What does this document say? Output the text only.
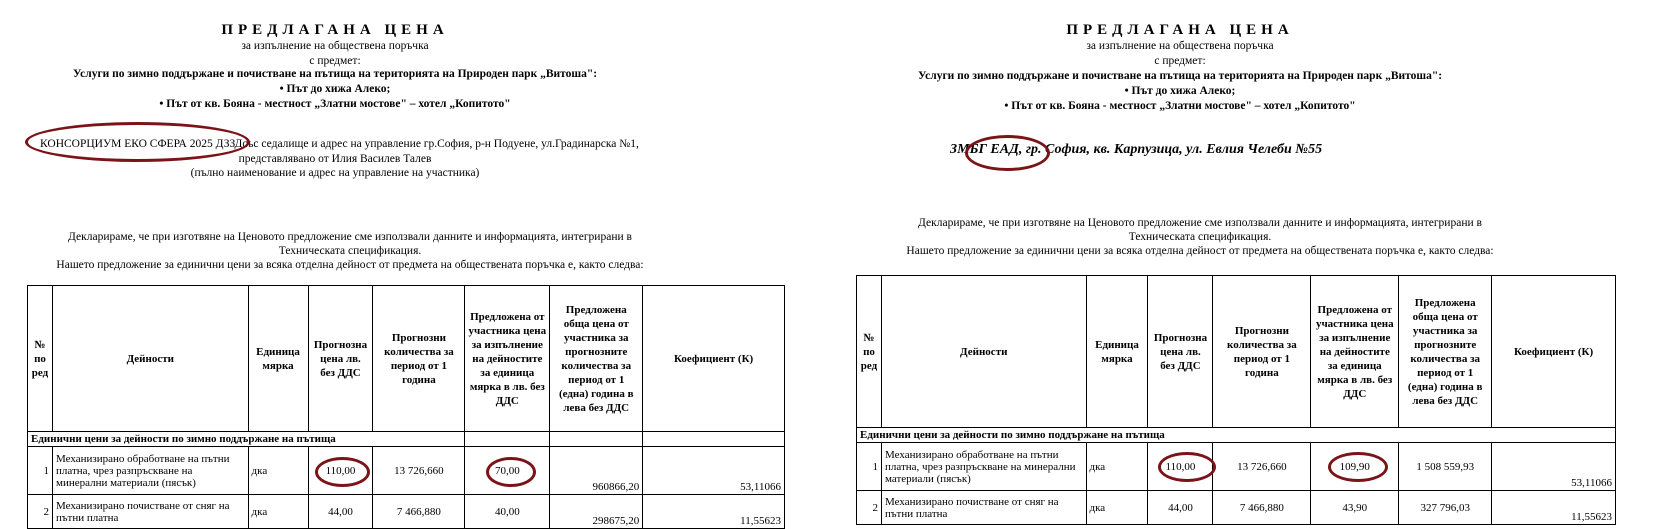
ПРЕДЛАГАНА ЦЕНА
за изпълнение на обществена поръчка
с предмет:
Услуги по зимно поддържане и почистване на пътища на територията на Природен парк „Витоша":
• Път до хижа Алеко;
• Път от кв. Бояна - местност „Златни мостове" – хотел „Копитото"
КОНСОРЦИУМ ЕКО СФЕРА 2025 ДЗЗДсъс седалище и адрес на управление гр.София, р-н Подуене, ул.Градинарска №1,
представлявано от Илия Василев Талев
(пълно наименование и адрес на управление на участника)
Декларираме, че при изготвяне на Ценовото предложение сме използвали данните и информацията, интегрирани в
Техническата спецификация.
Нашето предложение за единични цени за всяка отделна дейност от предмета на обществената поръчка е, както следва:
№ по ред	Дейности	Единица мярка	Прогнозна цена лв. без ДДС	Прогнозни количества за период от 1 година	Предложена от участника цена за изпълнение на дейностите за единица мярка в лв. без ДДС	Предложена обща цена от участника за прогнозните количества за период от 1 (една) година в лева без ДДС	Коефициент (К)
Единични цени за дейности по зимно поддържане на пътища							
1	Механизирано обработване на пътни платна, чрез разпръскване на минерални материали (пясък)	дка	110,00	13 726,660	70,00	960866,20	53,11066
2	Механизирано почистване от сняг на пътни платна	дка	44,00	7 466,880	40,00	298675,20	11,55623
ПРЕДЛАГАНА ЦЕНА
за изпълнение на обществена поръчка
с предмет:
Услуги по зимно поддържане и почистване на пътища на територията на Природен парк „Витоша":
• Път до хижа Алеко;
• Път от кв. Бояна - местност „Златни мостове" – хотел „Копитото"
ЗМБГ ЕАД, гр. София, кв. Карпузица, ул. Евлия Челеби №55
Декларираме, че при изготвяне на Ценовото предложение сме използвали данните и информацията, интегрирани в
Техническата спецификация.
Нашето предложение за единични цени за всяка отделна дейност от предмета на обществената поръчка е, както следва:
№ по ред	Дейности	Единица мярка	Прогнозна цена лв. без ДДС	Прогнозни количества за период от 1 година	Предложена от участника цена за изпълнение на дейностите за единица мярка в лв. без ДДС	Предложена обща цена от участника за прогнозните количества за период от 1 (една) година в лева без ДДС	Коефициент (К)
Единични цени за дейности по зимно поддържане на пътища							
1	Механизирано обработване на пътни платна, чрез разпръскване на минерални материали (пясък)	дка	110,00	13 726,660	109,90	1 508 559,93	53,11066
2	Механизирано почистване от сняг на пътни платна	дка	44,00	7 466,880	43,90	327 796,03	11,55623
